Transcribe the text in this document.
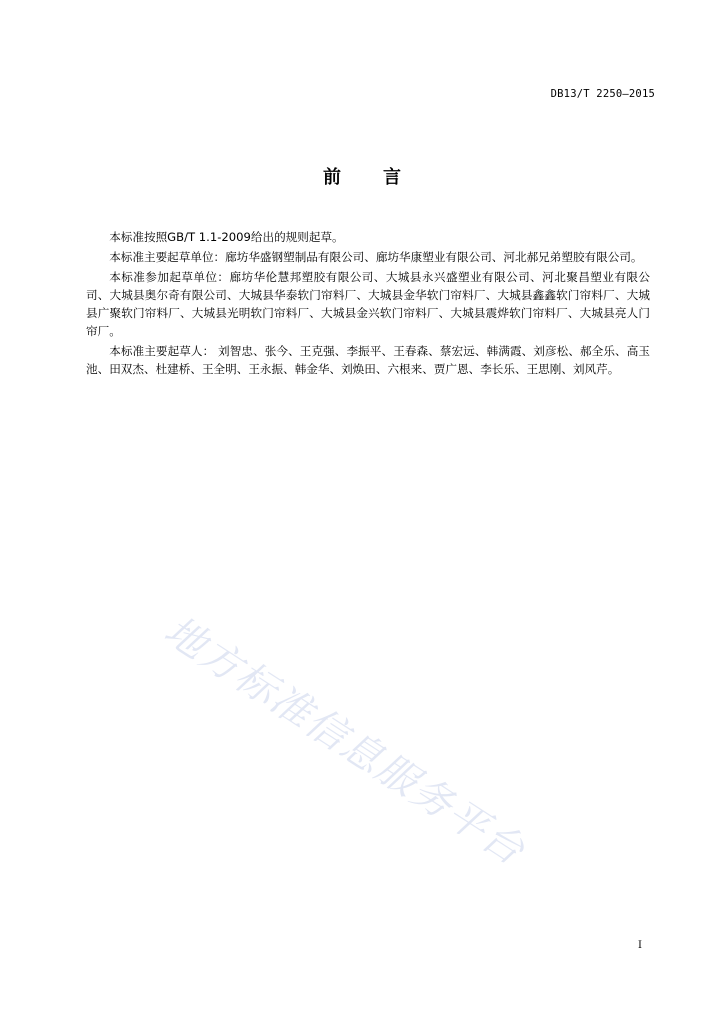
DB13/T 2250—2015
前 言

本标准按照GB/T 1.1-2009给出的规则起草。

本标准主要起草单位：廊坊华盛钢塑制品有限公司、廊坊华康塑业有限公司、河北郝兄弟塑胶有限公司。

本标准参加起草单位：廊坊华伦慧邦塑胶有限公司、大城县永兴盛塑业有限公司、河北聚昌塑业有限公司、大城县奥尔奇有限公司、大城县华泰软门帘料厂、大城县金华软门帘料厂、大城县鑫鑫软门帘料厂、大城县广聚软门帘料厂、大城县光明软门帘料厂、大城县金兴软门帘料厂、大城县震烨软门帘料厂、大城县亮人门帘厂。

本标准主要起草人： 刘智忠、张今、王克强、李振平、王春森、蔡宏远、韩满霞、刘彦松、郝全乐、高玉池、田双杰、杜建桥、王全明、王永振、韩金华、刘焕田、六根来、贾广恩、李长乐、王思刚、刘风芹。

地方标准信息服务平台
I
